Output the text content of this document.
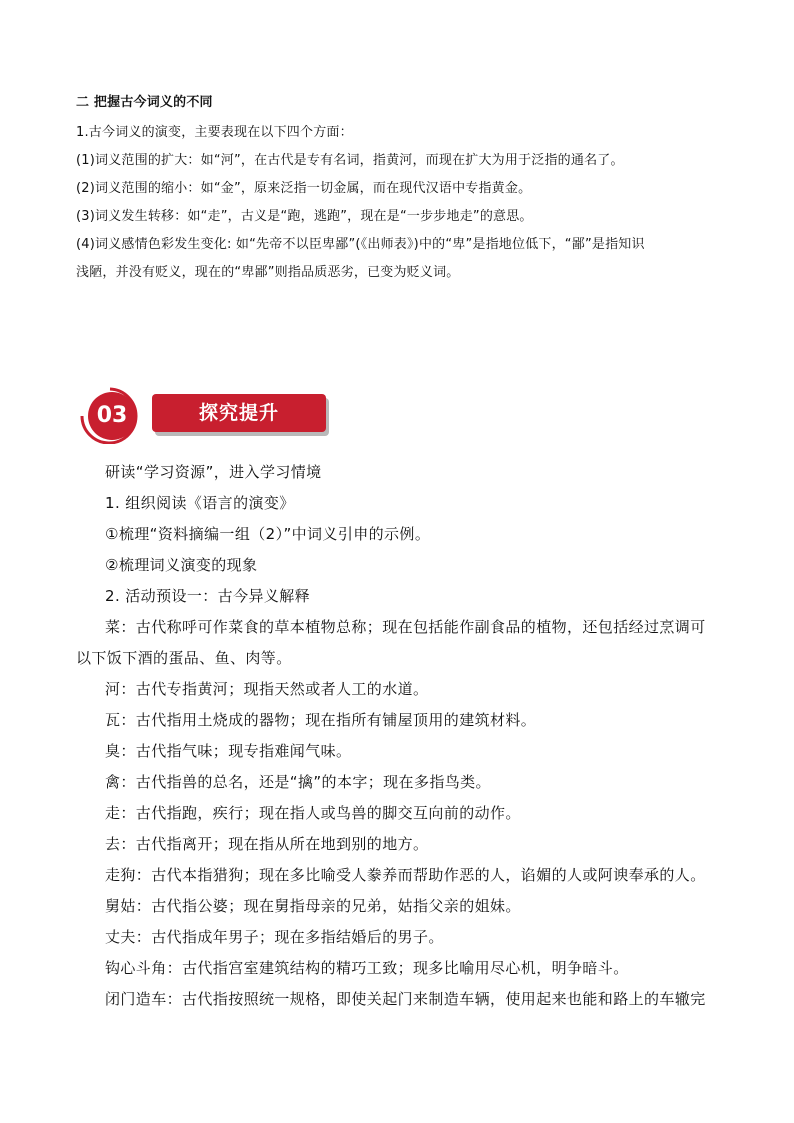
二 把握古今词义的不同
1.古今词义的演变，主要表现在以下四个方面：
(1)词义范围的扩大：如“河”，在古代是专有名词，指黄河，而现在扩大为用于泛指的通名了。
(2)词义范围的缩小：如“金”，原来泛指一切金属，而在现代汉语中专指黄金。
(3)词义发生转移：如“走”，古义是“跑，逃跑”，现在是“一步步地走”的意思。
(4)词义感情色彩发生变化: 如“先帝不以臣卑鄙”(《出师表》)中的“卑”是指地位低下，“鄙”是指知识
浅陋，并没有贬义，现在的“卑鄙”则指品质恶劣，已变为贬义词。
03	探究提升
研读“学习资源”，进入学习情境
1. 组织阅读《语言的演变》
①梳理“资料摘编一组（2）”中词义引申的示例。
②梳理词义演变的现象
2. 活动预设一：古今异义解释
菜：古代称呼可作菜食的草本植物总称；现在包括能作副食品的植物，还包括经过烹调可
以下饭下酒的蛋品、鱼、肉等。
河：古代专指黄河；现指天然或者人工的水道。
瓦：古代指用土烧成的器物；现在指所有铺屋顶用的建筑材料。
臭：古代指气味；现专指难闻气味。
禽：古代指兽的总名，还是“擒”的本字；现在多指鸟类。
走：古代指跑，疾行；现在指人或鸟兽的脚交互向前的动作。
去：古代指离开；现在指从所在地到别的地方。
走狗：古代本指猎狗；现在多比喻受人豢养而帮助作恶的人，谄媚的人或阿谀奉承的人。
舅姑：古代指公婆；现在舅指母亲的兄弟，姑指父亲的姐妹。
丈夫：古代指成年男子；现在多指结婚后的男子。
钩心斗角：古代指宫室建筑结构的精巧工致；现多比喻用尽心机，明争暗斗。
闭门造车：古代指按照统一规格，即使关起门来制造车辆，使用起来也能和路上的车辙完
